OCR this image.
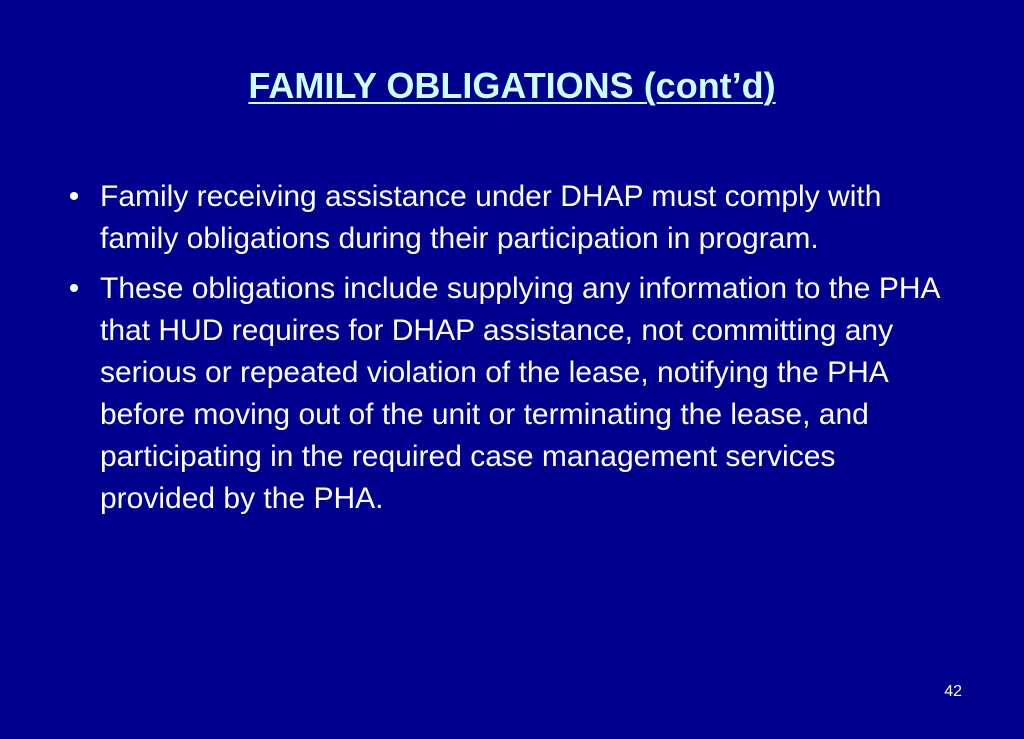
FAMILY OBLIGATIONS (cont’d)
• Family receiving assistance under DHAP must comply with family obligations during their participation in program.
• These obligations include supplying any information to the PHA that HUD requires for DHAP assistance, not committing any serious or repeated violation of the lease, notifying the PHA before moving out of the unit or terminating the lease, and participating in the required case management services provided by the PHA.
42
